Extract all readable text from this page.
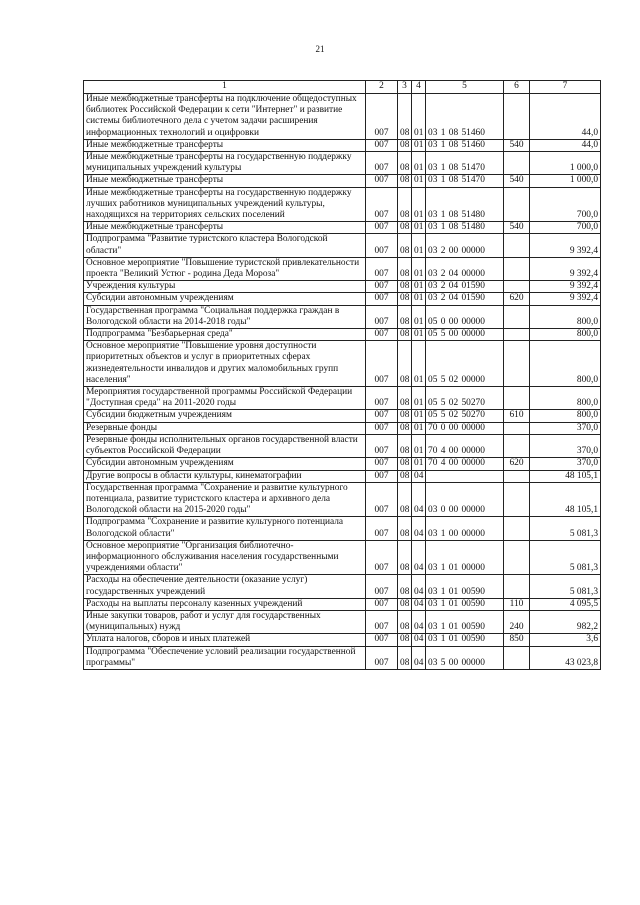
21
1	2	3	4	5	6	7
Иные межбюджетные трансферты на подключение общедоступных библиотек Российской Федерации к сети "Интернет" и развитие системы библиотечного дела с учетом задачи расширения информационных технологий и оцифровки	007	08	01	03 1 08 51460		44,0
Иные межбюджетные трансферты	007	08	01	03 1 08 51460	540	44,0
Иные межбюджетные трансферты на государственную поддержку муниципальных учреждений культуры	007	08	01	03 1 08 51470		1 000,0
Иные межбюджетные трансферты	007	08	01	03 1 08 51470	540	1 000,0
Иные межбюджетные трансферты на государственную поддержку лучших работников муниципальных учреждений культуры, находящихся на территориях сельских поселений	007	08	01	03 1 08 51480		700,0
Иные межбюджетные трансферты	007	08	01	03 1 08 51480	540	700,0
Подпрограмма "Развитие туристского кластера Вологодской области"	007	08	01	03 2 00 00000		9 392,4
Основное мероприятие "Повышение туристской привлекательности проекта "Великий Устюг - родина Деда Мороза"	007	08	01	03 2 04 00000		9 392,4
Учреждения культуры	007	08	01	03 2 04 01590		9 392,4
Субсидии автономным учреждениям	007	08	01	03 2 04 01590	620	9 392,4
Государственная программа "Социальная поддержка граждан в Вологодской области на 2014-2018 годы"	007	08	01	05 0 00 00000		800,0
Подпрограмма "Безбарьерная среда"	007	08	01	05 5 00 00000		800,0
Основное мероприятие "Повышение уровня доступности приоритетных объектов и услуг в приоритетных сферах жизнедеятельности инвалидов и других маломобильных групп населения"	007	08	01	05 5 02 00000		800,0
Мероприятия государственной программы Российской Федерации "Доступная среда" на 2011-2020 годы	007	08	01	05 5 02 50270		800,0
Субсидии бюджетным учреждениям	007	08	01	05 5 02 50270	610	800,0
Резервные фонды	007	08	01	70 0 00 00000		370,0
Резервные фонды исполнительных органов государственной власти субъектов Российской Федерации	007	08	01	70 4 00 00000		370,0
Субсидии автономным учреждениям	007	08	01	70 4 00 00000	620	370,0
Другие вопросы в области культуры, кинематографии	007	08	04			48 105,1
Государственная программа "Сохранение и развитие культурного потенциала, развитие туристского кластера и архивного дела Вологодской области на 2015-2020 годы"	007	08	04	03 0 00 00000		48 105,1
Подпрограмма "Сохранение и развитие культурного потенциала Вологодской области"	007	08	04	03 1 00 00000		5 081,3
Основное мероприятие "Организация библиотечно-информационного обслуживания населения государственными учреждениями области"	007	08	04	03 1 01 00000		5 081,3
Расходы на обеспечение деятельности (оказание услуг) государственных учреждений	007	08	04	03 1 01 00590		5 081,3
Расходы на выплаты персоналу казенных учреждений	007	08	04	03 1 01 00590	110	4 095,5
Иные закупки товаров, работ и услуг для государственных (муниципальных) нужд	007	08	04	03 1 01 00590	240	982,2
Уплата налогов, сборов и иных платежей	007	08	04	03 1 01 00590	850	3,6
Подпрограмма "Обеспечение условий реализации государственной программы"	007	08	04	03 5 00 00000		43 023,8
